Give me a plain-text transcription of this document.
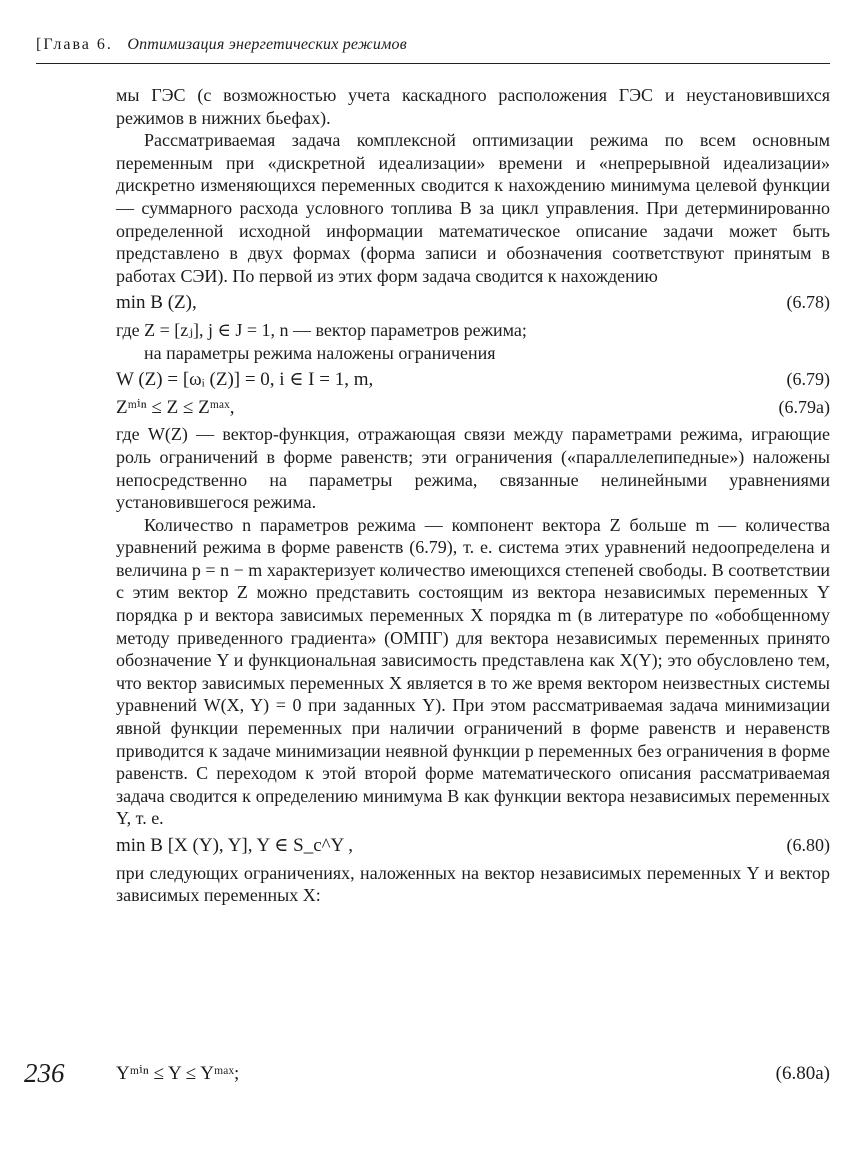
[Глава 6. Оптимизация энергетических режимов

мы ГЭС (с возможностью учета каскадного расположения ГЭС и неустановившихся режимов в нижних бьефах).

Рассматриваемая задача комплексной оптимизации режима по всем основным переменным при «дискретной идеализации» времени и «непрерывной идеализации» дискретно изменяющихся переменных сводится к нахождению минимума целевой функции — суммарного расхода условного топлива B за цикл управления. При детерминированно определенной исходной информации математическое описание задачи может быть представлено в двух формах (форма записи и обозначения соответствуют принятым в работах СЭИ). По первой из этих форм задача сводится к нахождению

min B (Z),	(6.78)

где Z = [zⱼ], j ∈ J = 1, n — вектор параметров режима;

на параметры режима наложены ограничения

W (Z) = [ωᵢ (Z)] = 0, i ∈ I = 1, m,	(6.79)
Zᵐⁱⁿ ≤ Z ≤ Zᵐᵃˣ,	(6.79a)

где W(Z) — вектор-функция, отражающая связи между параметрами режима, играющие роль ограничений в форме равенств; эти ограничения («параллелепипедные») наложены непосредственно на параметры режима, связанные нелинейными уравнениями установившегося режима.

Количество n параметров режима — компонент вектора Z больше m — количества уравнений режима в форме равенств (6.79), т. е. система этих уравнений недоопределена и величина p = n − m характеризует количество имеющихся степеней свободы. В соответствии с этим вектор Z можно представить состоящим из вектора независимых переменных Y порядка p и вектора зависимых переменных X порядка m (в литературе по «обобщенному методу приведенного градиента» (ОМПГ) для вектора независимых переменных принято обозначение Y и функциональная зависимость представлена как X(Y); это обусловлено тем, что вектор зависимых переменных X является в то же время вектором неизвестных системы уравнений W(X, Y) = 0 при заданных Y). При этом рассматриваемая задача минимизации явной функции переменных при наличии ограничений в форме равенств и неравенств приводится к задаче минимизации неявной функции p переменных без ограничения в форме равенств. С переходом к этой второй форме математического описания рассматриваемая задача сводится к определению минимума B как функции вектора независимых переменных Y, т. е.

min B [X (Y), Y], Y ∈ S_c^Y ,	(6.80)

при следующих ограничениях, наложенных на вектор независимых переменных Y и вектор зависимых переменных X:

236	Yᵐⁱⁿ ≤ Y ≤ Yᵐᵃˣ;	(6.80a)
